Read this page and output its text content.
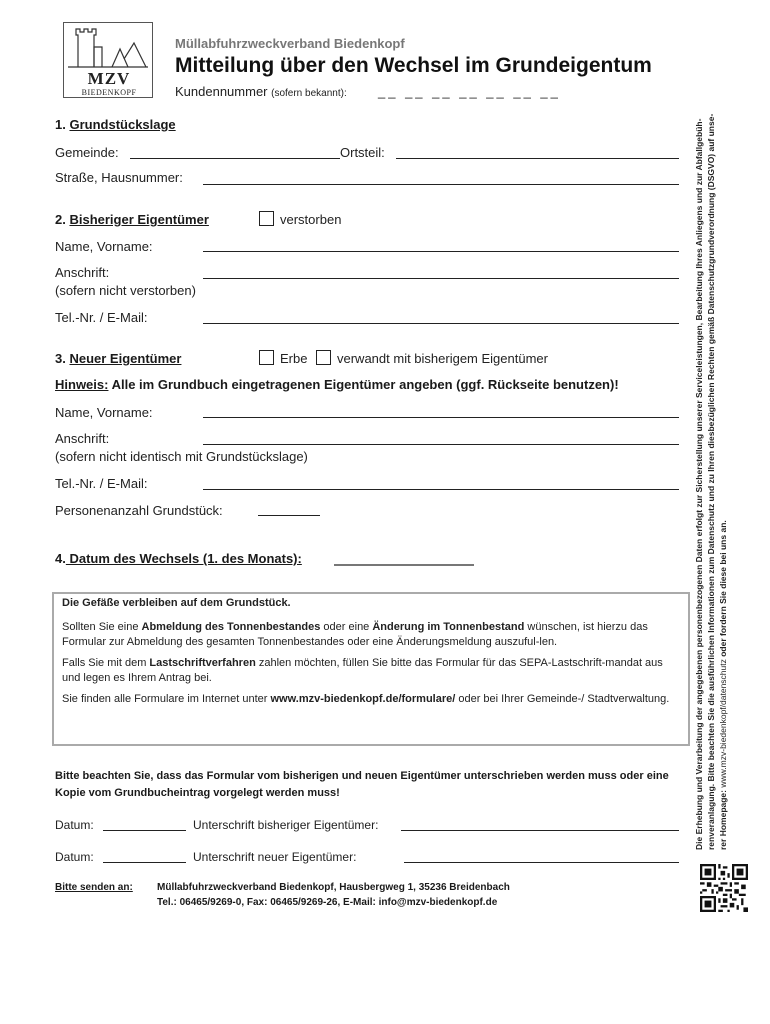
MZV
BIEDENKOPF
Müllabfuhrzweckverband Biedenkopf
Mitteilung über den Wechsel im Grundeigentum
Kundennummer (sofern bekannt): __ __ __ __ __ __ __
1. Grundstückslage
Gemeinde:	Ortsteil:
Straße, Hausnummer:
2. Bisheriger Eigentümer	verstorben
Name, Vorname:
Anschrift:
(sofern nicht verstorben)
Tel.-Nr. / E-Mail:
3. Neuer Eigentümer	Erbe verwandt mit bisherigem Eigentümer
Hinweis: Alle im Grundbuch eingetragenen Eigentümer angeben (ggf. Rückseite benutzen)!
Name, Vorname:
Anschrift:
(sofern nicht identisch mit Grundstückslage)
Tel.-Nr. / E-Mail:
Personenanzahl Grundstück:
4. Datum des Wechsels (1. des Monats):

Die Gefäße verbleiben auf dem Grundstück.

Sollten Sie eine Abmeldung des Tonnenbestandes oder eine Änderung im Tonnenbestand wünschen, ist hierzu das Formular zur Abmeldung des gesamten Tonnenbestandes oder eine Änderungsmeldung auszuful-len.

Falls Sie mit dem Lastschriftverfahren zahlen möchten, füllen Sie bitte das Formular für das SEPA-Lastschrift-mandat aus und legen es Ihrem Antrag bei.

Sie finden alle Formulare im Internet unter www.mzv-biedenkopf.de/formulare/ oder bei Ihrer Gemeinde-/ Stadtverwaltung.

Bitte beachten Sie, dass das Formular vom bisherigen und neuen Eigentümer unterschrieben werden muss oder eine Kopie vom Grundbucheintrag vorgelegt werden muss!
Datum:	Unterschrift bisheriger Eigentümer:
Datum:	Unterschrift neuer Eigentümer:
Bitte senden an: Müllabfuhrzweckverband Biedenkopf, Hausbergweg 1, 35236 Breidenbach
Tel.: 06465/9269-0, Fax: 06465/9269-26, E-Mail: info@mzv-biedenkopf.de
Die Erhebung und Verarbeitung der angegebenen personenbezogenen Daten erfolgt zur Sicherstellung unserer Serviceleistungen, Bearbeitung Ihres Anliegens und zur Abfallgebüh- renveranlagung. Bitte beachten Sie die ausführlichen Informationen zum Datenschutz und zu Ihren diesbezüglichen Rechten gemäß Datenschutzgrundverordnung (DSGVO) auf unse- rer Homepage: www.mzv-biedenkopf/datenschutz oder fordern Sie diese bei uns an.
